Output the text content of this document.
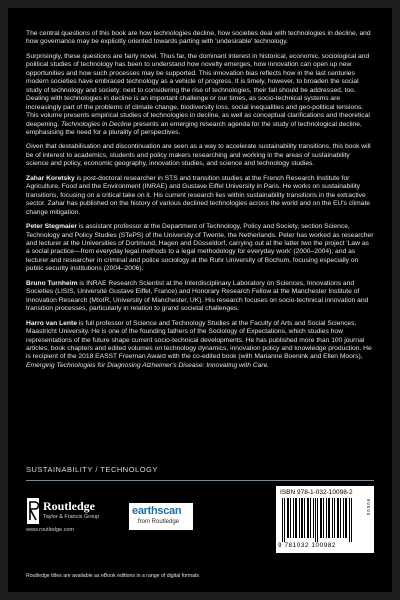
The central questions of this book are how technologies decline, how societies deal with technologies in decline, and how governance may be explicitly oriented towards parting with 'undesirable' technology.

Surprisingly, these questions are fairly novel. Thus far, the dominant interest in historical, economic, sociological and political studies of technology has been to understand how novelty emerges, how innovation can open up new opportunities and how such processes may be supported. This innovation bias reflects how in the last centuries modern societies have embraced technology as a vehicle of progress. It is timely, however, to broaden the social study of technology and society: next to considering the rise of technologies, their fall should be addressed, too. Dealing with technologies in decline is an important challenge or our times, as socio-technical systems are increasingly part of the problems of climate change, biodiversity loss, social inequalities and geo-political tensions. This volume presents empirical studies of technologies in decline, as well as conceptual clarifications and theoretical deepening. Technologies in Decline presents an emerging research agenda for the study of technological decline, emphasising the need for a plurality of perspectives.

Given that destabilisation and discontinuation are seen as a way to accelerate sustainability transitions, this book will be of interest to academics, students and policy makers researching and working in the areas of sustainability science and policy, economic geography, innovation studies, and science and technology studies.

Zahar Koretsky is post-doctoral researcher in STS and transition studies at the French Research Institute for Agriculture, Food and the Environment (INRAE) and Gustave Eiffel University in Paris. He works on sustainability transitions, focusing on a critical take on it. His current research lies within sustainability transitions in the extractive sector. Zahar has published on the history of various declined technologies across the world and on the EU's climate change mitigation.

Peter Stegmaier is assistant professor at the Department of Technology, Policy and Society, section Science, Technology and Policy Studies (STePS) of the University of Twente, the Netherlands. Peter has worked as researcher and lecturer at the Universities of Dortmund, Hagen and Düsseldorf, carrying out at the latter two the project 'Law as a social practice—from everyday legal methods to a legal methodology for everyday work' (2000–2004); and as lecturer and researcher in criminal and police sociology at the Ruhr University of Bochum, focusing especially on public security institutions (2004–2006).

Bruno Turnheim is INRAE Research Scientist at the Interdisciplinary Laboratory on Sciences, Innovations and Societies (LISIS, Université Gustave Eiffel, France) and Honorary Research Fellow at the Manchester Institute of Innovation Research (MIoIR, University of Manchester, UK). His research focuses on socio-technical innovation and transition processes, particularly in relation to grand societal challenges.

Harro van Lente is full professor of Science and Technology Studies at the Faculty of Arts and Social Sciences, Maastricht University. He is one of the founding fathers of the Sociology of Expectations, which studies how representations of the future shape current socio-technical developments. He has published more than 100 journal articles, book chapters and edited volumes on technology dynamics, innovation policy and knowledge production. He is recipient of the 2018 EASST Freeman Award with the co-edited book (with Marianne Boenink and Ellen Moors), Emerging Technologies for Diagnosing Alzheimer's Disease: Innovating with Care.

SUSTAINABILITY / TECHNOLOGY
Routledge
Taylor & Francis Group
www.routledge.com
earthscan
from Routledge
ISBN 978-1-032-10098-2
9 781032 100982
9 0 0 0 0
Routledge titles are available as eBook editions in a range of digital formats
